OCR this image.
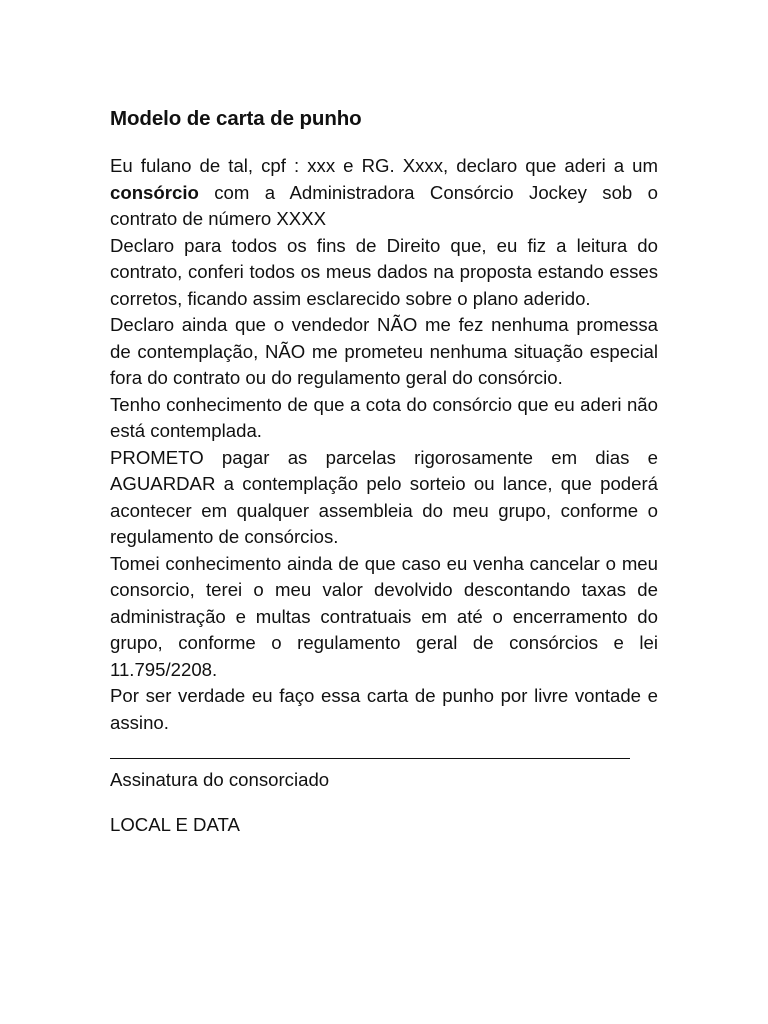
Modelo de carta de punho

Eu fulano de tal, cpf : xxx e RG. Xxxx, declaro que aderi a um consórcio com a Administradora Consórcio Jockey sob o contrato de número XXXX

Declaro para todos os fins de Direito que, eu fiz a leitura do contrato, conferi todos os meus dados na proposta estando esses corretos, ficando assim esclarecido sobre o plano aderido.

Declaro ainda que o vendedor NÃO me fez nenhuma promessa de contemplação, NÃO me prometeu nenhuma situação especial fora do contrato ou do regulamento geral do consórcio.

Tenho conhecimento de que a cota do consórcio que eu aderi não está contemplada.

PROMETO pagar as parcelas rigorosamente em dias e AGUARDAR a contemplação pelo sorteio ou lance, que poderá acontecer em qualquer assembleia do meu grupo, conforme o regulamento de consórcios.

Tomei conhecimento ainda de que caso eu venha cancelar o meu consorcio, terei o meu valor devolvido descontando taxas de administração e multas contratuais em até o encerramento do grupo, conforme o regulamento geral de consórcios e lei 11.795/2208.

Por ser verdade eu faço essa carta de punho por livre vontade e assino.

Assinatura do consorciado

LOCAL E DATA
